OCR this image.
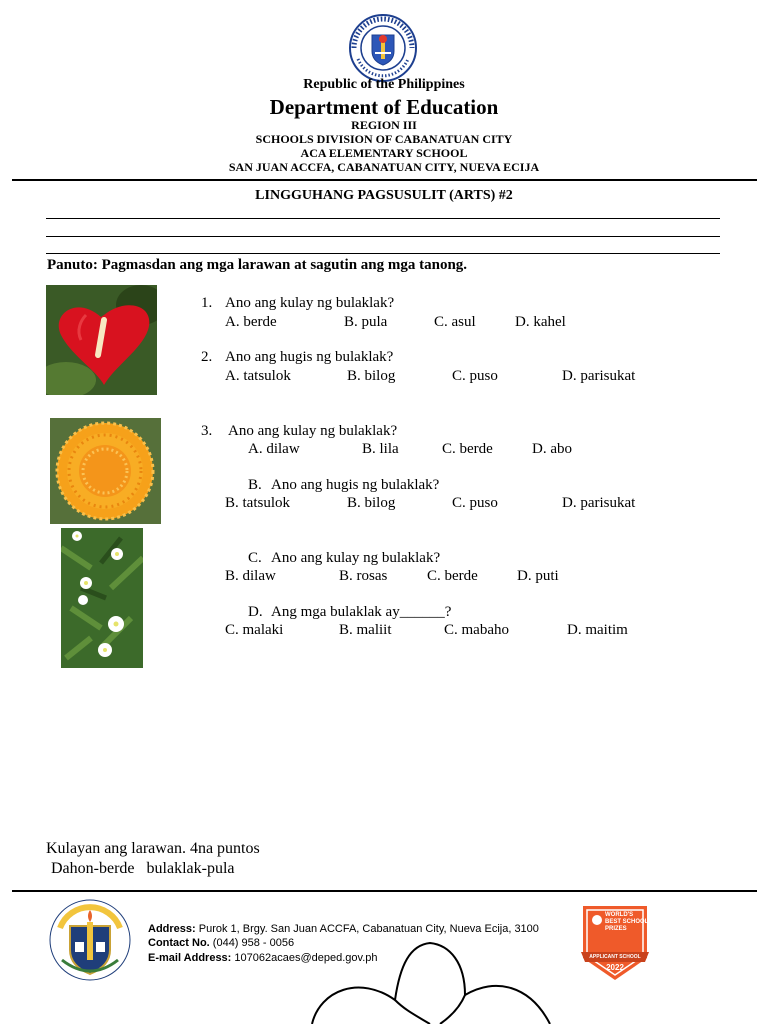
Republic of the Philippines
Department of Education
REGION III
SCHOOLS DIVISION OF CABANATUAN CITY
ACA ELEMENTARY SCHOOL
SAN JUAN ACCFA, CABANATUAN CITY, NUEVA ECIJA
LINGGUHANG PAGSUSULIT (ARTS) #2
Panuto: Pagmasdan ang mga larawan at sagutin ang mga tanong.
1. Ano ang kulay ng bulaklak?
A. berde	B. pula	C. asul	D. kahel
2. Ano ang hugis ng bulaklak?
A. tatsulok	B. bilog	C. puso	D. parisukat
3. Ano ang kulay ng bulaklak?
A. dilaw	B. lila	C. berde	D. abo
B. Ano ang hugis ng bulaklak?
B. tatsulok	B. bilog	C. puso	D. parisukat
C. Ano ang kulay ng bulaklak?
B. dilaw	B. rosas	C. berde	D. puti
D. Ang mga bulaklak ay______?
C. malaki	B. maliit	C. mabaho	D. maitim
Kulayan ang larawan. 4na puntos
Dahon-berde   bulaklak-pula
Address: Purok 1, Brgy. San Juan ACCFA, Cabanatuan City, Nueva Ecija, 3100
Contact No. (044) 958 - 0056
E-mail Address: 107062acaes@deped.gov.ph
WORLD'S
BEST SCHOOL
PRIZES
APPLICANT SCHOOL
2022
